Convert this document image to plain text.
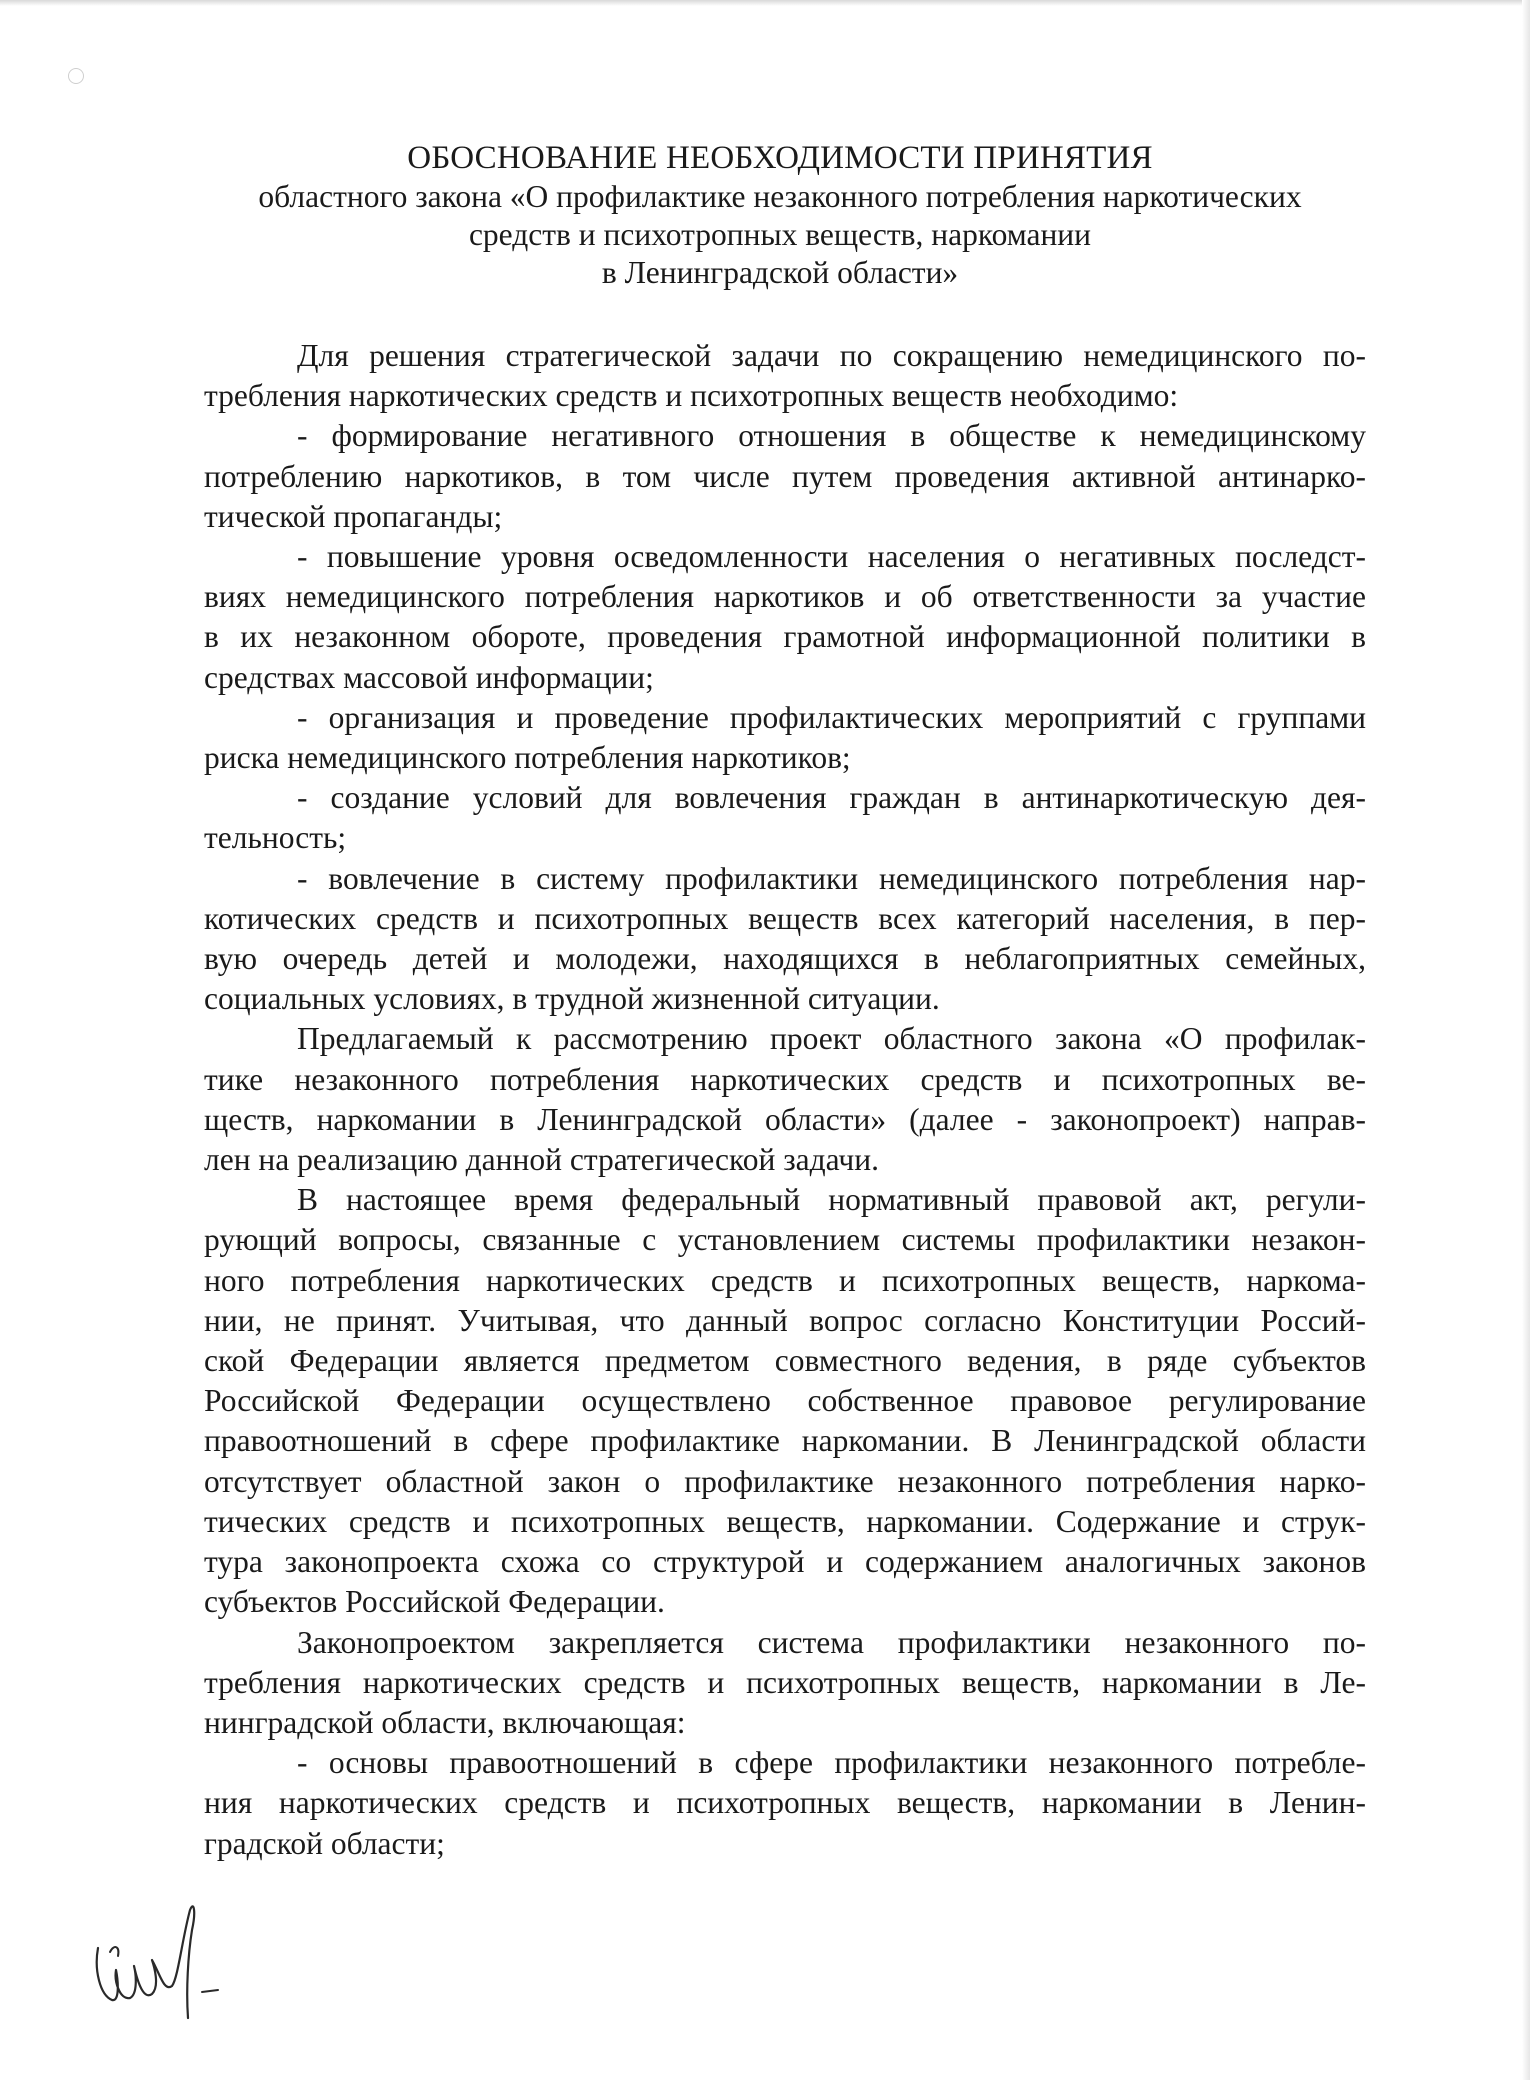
ОБОСНОВАНИЕ НЕОБХОДИМОСТИ ПРИНЯТИЯ

областного закона «О профилактике незаконного потребления наркотических

средств и психотропных веществ, наркомании

в Ленинградской области»

Для решения стратегической задачи по сокращению немедицинского по-

требления наркотических средств и психотропных веществ необходимо:

- формирование негативного отношения в обществе к немедицинскому

потреблению наркотиков, в том числе путем проведения активной антинарко-

тической пропаганды;

- повышение уровня осведомленности населения о негативных последст-

виях немедицинского потребления наркотиков и об ответственности за участие

в их незаконном обороте, проведения грамотной информационной политики в

средствах массовой информации;

- организация и проведение профилактических мероприятий с группами

риска немедицинского потребления наркотиков;

- создание условий для вовлечения граждан в антинаркотическую дея-

тельность;

- вовлечение в систему профилактики немедицинского потребления нар-

котических средств и психотропных веществ всех категорий населения, в пер-

вую очередь детей и молодежи, находящихся в неблагоприятных семейных,

социальных условиях, в трудной жизненной ситуации.

Предлагаемый к рассмотрению проект областного закона «О профилак-

тике незаконного потребления наркотических средств и психотропных ве-

ществ, наркомании в Ленинградской области» (далее - законопроект) направ-

лен на реализацию данной стратегической задачи.

В настоящее время федеральный нормативный правовой акт, регули-

рующий вопросы, связанные с установлением системы профилактики незакон-

ного потребления наркотических средств и психотропных веществ, наркома-

нии, не принят. Учитывая, что данный вопрос согласно Конституции Россий-

ской Федерации является предметом совместного ведения, в ряде субъектов

Российской Федерации осуществлено собственное правовое регулирование

правоотношений в сфере профилактике наркомании. В Ленинградской области

отсутствует областной закон о профилактике незаконного потребления нарко-

тических средств и психотропных веществ, наркомании. Содержание и струк-

тура законопроекта схожа со структурой и содержанием аналогичных законов

субъектов Российской Федерации.

Законопроектом закрепляется система профилактики незаконного по-

требления наркотических средств и психотропных веществ, наркомании в Ле-

нинградской области, включающая:

- основы правоотношений в сфере профилактики незаконного потребле-

ния наркотических средств и психотропных веществ, наркомании в Ленин-

градской области;
